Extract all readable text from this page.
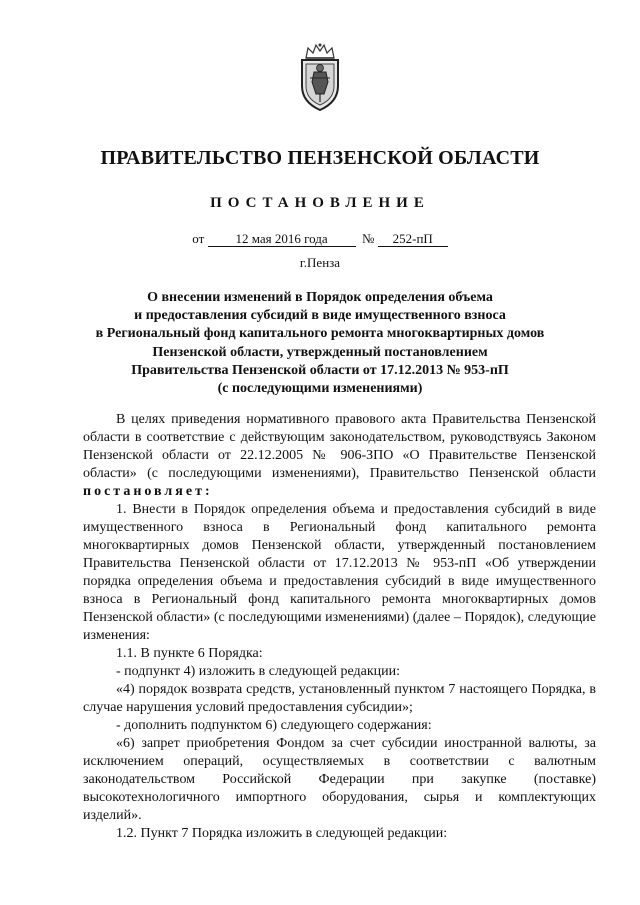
ПРАВИТЕЛЬСТВО ПЕНЗЕНСКОЙ ОБЛАСТИ
ПОСТАНОВЛЕНИЕ
от 12 мая 2016 года	№ 252-пП
г.Пенза
О внесении изменений в Порядок определения объема
и предоставления субсидий в виде имущественного взноса
в Региональный фонд капитального ремонта многоквартирных домов
Пензенской области, утвержденный постановлением
Правительства Пензенской области от 17.12.2013 № 953-пП
(с последующими изменениями)

В целях приведения нормативного правового акта Правительства Пензенской области в соответствие с действующим законодательством, руководствуясь Законом Пензенской области от 22.12.2005 № 906-ЗПО «О Правительстве Пензенской области» (с последующими изменениями), Правительство Пензенской области постановляет:

1. Внести в Порядок определения объема и предоставления субсидий в виде имущественного взноса в Региональный фонд капитального ремонта многоквартирных домов Пензенской области, утвержденный постановлением Правительства Пензенской области от 17.12.2013 № 953-пП «Об утверждении порядка определения объема и предоставления субсидий в виде имущественного взноса в Региональный фонд капитального ремонта многоквартирных домов Пензенской области» (с последующими изменениями) (далее – Порядок), следующие изменения:

1.1. В пункте 6 Порядка:

- подпункт 4) изложить в следующей редакции:

«4) порядок возврата средств, установленный пунктом 7 настоящего Порядка, в случае нарушения условий предоставления субсидии»;

- дополнить подпунктом 6) следующего содержания:

«6) запрет приобретения Фондом за счет субсидии иностранной валюты, за исключением операций, осуществляемых в соответствии с валютным законодательством Российской Федерации при закупке (поставке) высокотехнологичного импортного оборудования, сырья и комплектующих изделий».

1.2. Пункт 7 Порядка изложить в следующей редакции:
